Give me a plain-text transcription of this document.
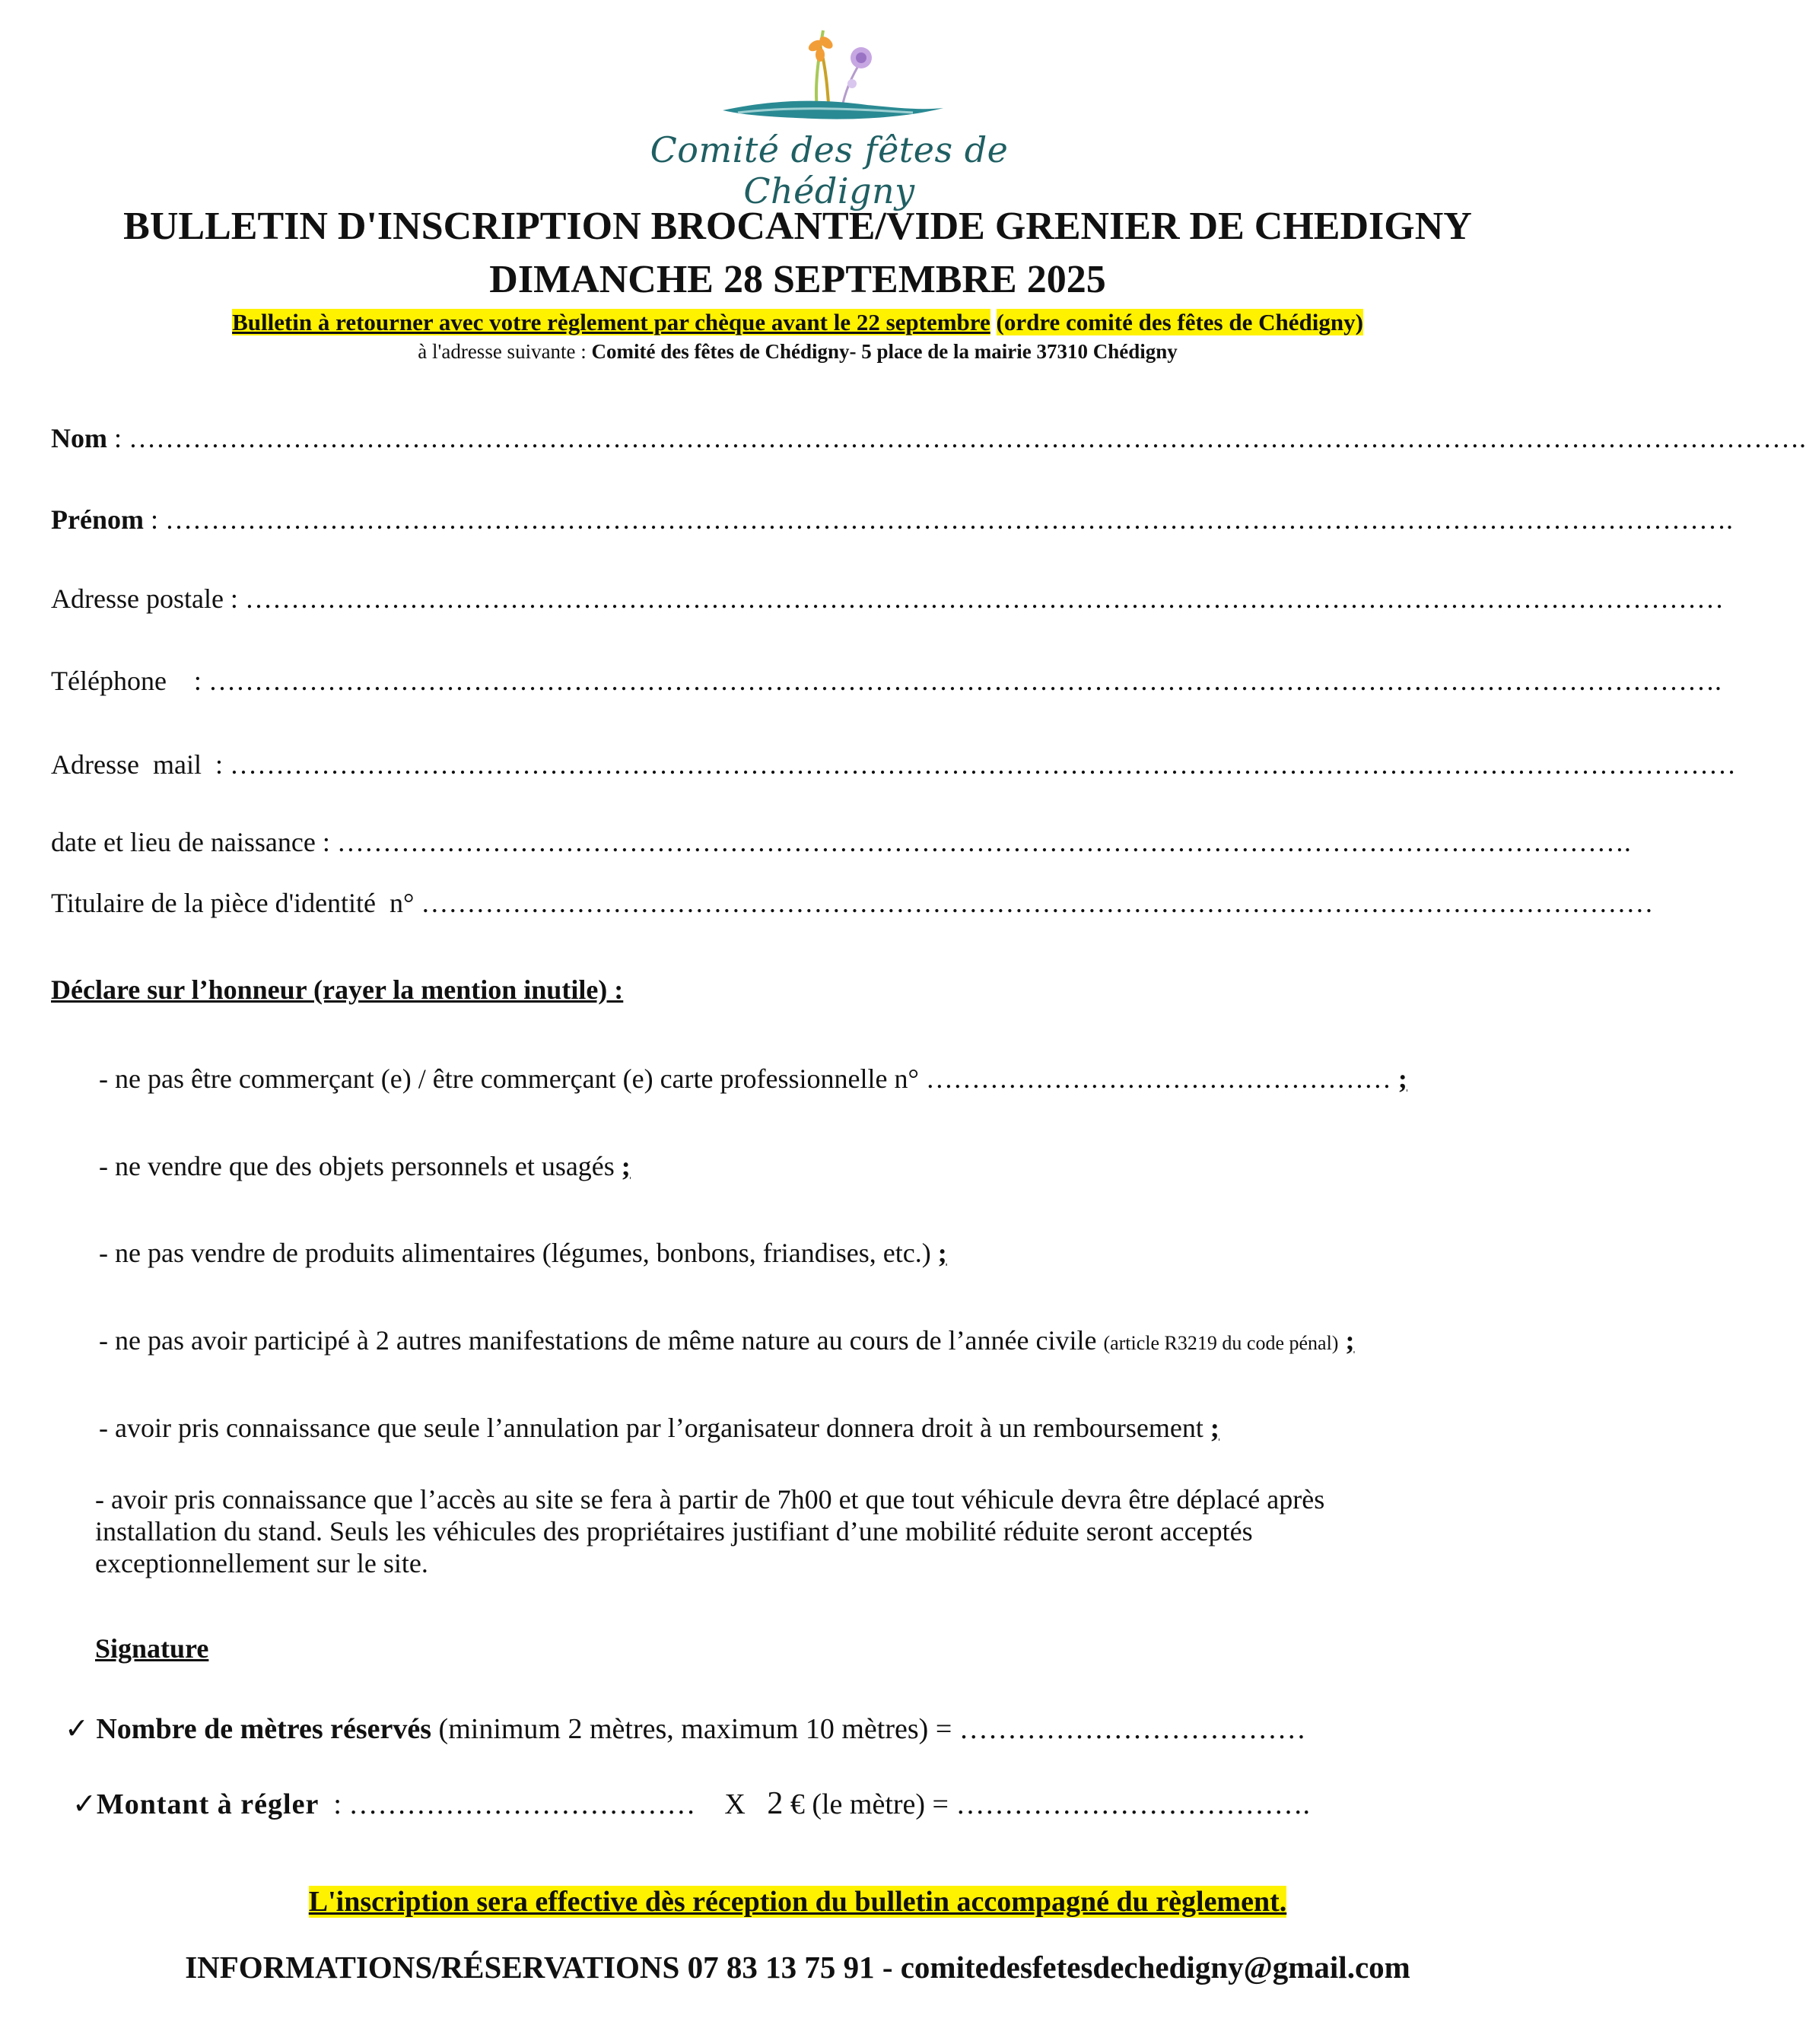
Comité des fêtes de Chédigny
BULLETIN D'INSCRIPTION BROCANTE/VIDE GRENIER DE CHEDIGNY
DIMANCHE 28 SEPTEMBRE 2025
Bulletin à retourner avec votre règlement par chèque avant le 22 septembre (ordre comité des fêtes de Chédigny)
à l'adresse suivante : Comité des fêtes de Chédigny- 5 place de la mairie 37310 Chédigny
Nom : ………………………………………………………………………………………………………………………………………………………………….
Prénom : ……………………………………………………………………………………………………………………………………………………….
Adresse postale : ………………………………………………………………………………………………………………………………………………
Téléphone    : ………………………………………………………………………………………………………………………………………………….
Adresse  mail  : …………………………………………………………………………………………………………………………………………………
date et lieu de naissance : …………………………………………………………………………………………………………………………….
Titulaire de la pièce d'identité  n° ………………………………………………………………………………………………………………………
Déclare sur l’honneur (rayer la mention inutile) :
- ne pas être commerçant (e) / être commerçant (e) carte professionnelle n° …………………………………………… ;
- ne vendre que des objets personnels et usagés ;
- ne pas vendre de produits alimentaires (légumes, bonbons, friandises, etc.) ;
- ne pas avoir participé à 2 autres manifestations de même nature au cours de l’année civile (article R3219 du code pénal) ;
- avoir pris connaissance que seule l’annulation par l’organisateur donnera droit à un remboursement ;
- avoir pris connaissance que l’accès au site se fera à partir de 7h00 et que tout véhicule devra être déplacé après
installation du stand. Seuls les véhicules des propriétaires justifiant d’une mobilité réduite seront acceptés
exceptionnellement sur le site.
Signature
✓ Nombre de mètres réservés (minimum 2 mètres, maximum 10 mètres) = ………………………………
✓Montant à régler  : ………………………………    X   2 € (le mètre) = ……………………………….
L'inscription sera effective dès réception du bulletin accompagné du règlement.
INFORMATIONS/RÉSERVATIONS 07 83 13 75 91 - comitedesfetesdechedigny@gmail.com
